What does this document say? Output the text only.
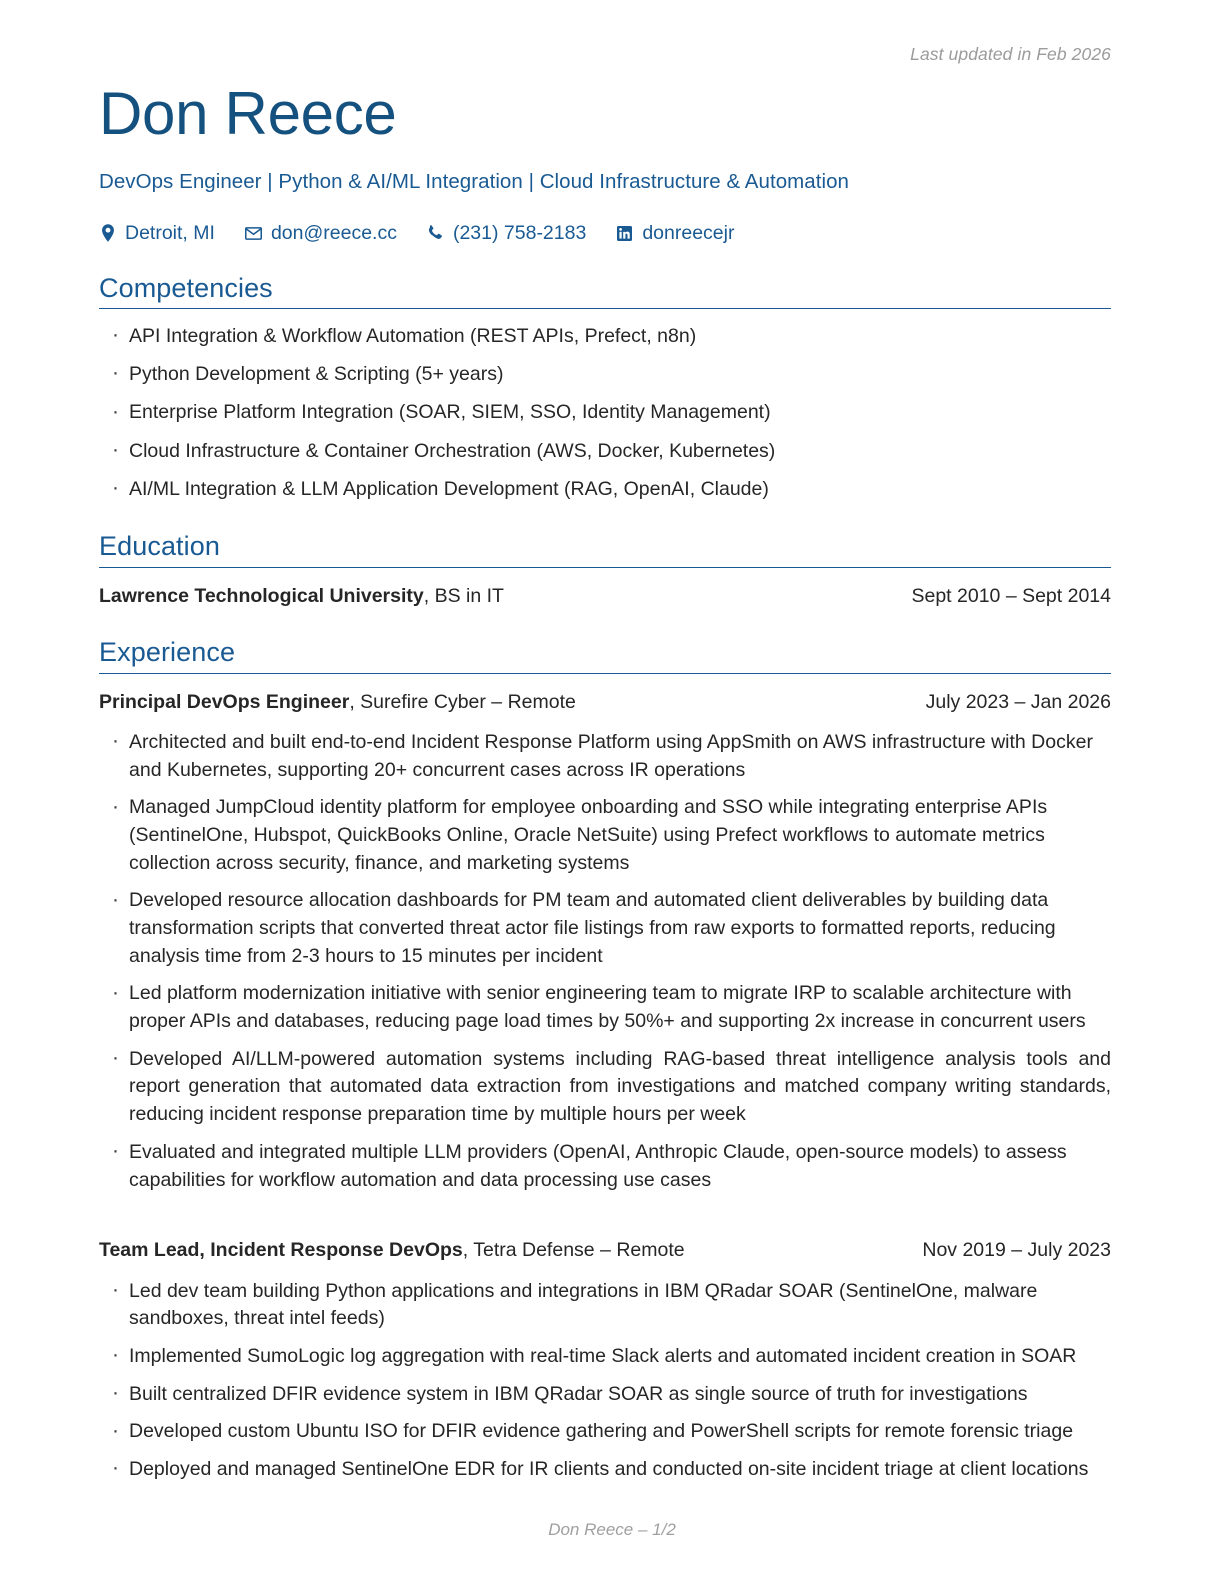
Last updated in Feb 2026
Don Reece
DevOps Engineer | Python & AI/ML Integration | Cloud Infrastructure & Automation
Detroit, MI	don@reece.cc	(231) 758-2183	donreecejr
Competencies
· API Integration & Workflow Automation (REST APIs, Prefect, n8n)
· Python Development & Scripting (5+ years)
· Enterprise Platform Integration (SOAR, SIEM, SSO, Identity Management)
· Cloud Infrastructure & Container Orchestration (AWS, Docker, Kubernetes)
· AI/ML Integration & LLM Application Development (RAG, OpenAI, Claude)
Education
Lawrence Technological University, BS in IT	Sept 2010 – Sept 2014
Experience
Principal DevOps Engineer, Surefire Cyber – Remote	July 2023 – Jan 2026
· Architected and built end-to-end Incident Response Platform using AppSmith on AWS infrastructure with Docker and Kubernetes, supporting 20+ concurrent cases across IR operations
· Managed JumpCloud identity platform for employee onboarding and SSO while integrating enterprise APIs (SentinelOne, Hubspot, QuickBooks Online, Oracle NetSuite) using Prefect workflows to automate metrics collection across security, finance, and marketing systems
· Developed resource allocation dashboards for PM team and automated client deliverables by building data transformation scripts that converted threat actor file listings from raw exports to formatted reports, reducing analysis time from 2-3 hours to 15 minutes per incident
· Led platform modernization initiative with senior engineering team to migrate IRP to scalable architecture with proper APIs and databases, reducing page load times by 50%+ and supporting 2x increase in concurrent users
· Developed AI/LLM-powered automation systems including RAG-based threat intelligence analysis tools and report generation that automated data extraction from investigations and matched company writing standards, reducing incident response preparation time by multiple hours per week
· Evaluated and integrated multiple LLM providers (OpenAI, Anthropic Claude, open-source models) to assess capabilities for workflow automation and data processing use cases
Team Lead, Incident Response DevOps, Tetra Defense – Remote	Nov 2019 – July 2023
· Led dev team building Python applications and integrations in IBM QRadar SOAR (SentinelOne, malware sandboxes, threat intel feeds)
· Implemented SumoLogic log aggregation with real-time Slack alerts and automated incident creation in SOAR
· Built centralized DFIR evidence system in IBM QRadar SOAR as single source of truth for investigations
· Developed custom Ubuntu ISO for DFIR evidence gathering and PowerShell scripts for remote forensic triage
· Deployed and managed SentinelOne EDR for IR clients and conducted on-site incident triage at client locations
Don Reece – 1/2
